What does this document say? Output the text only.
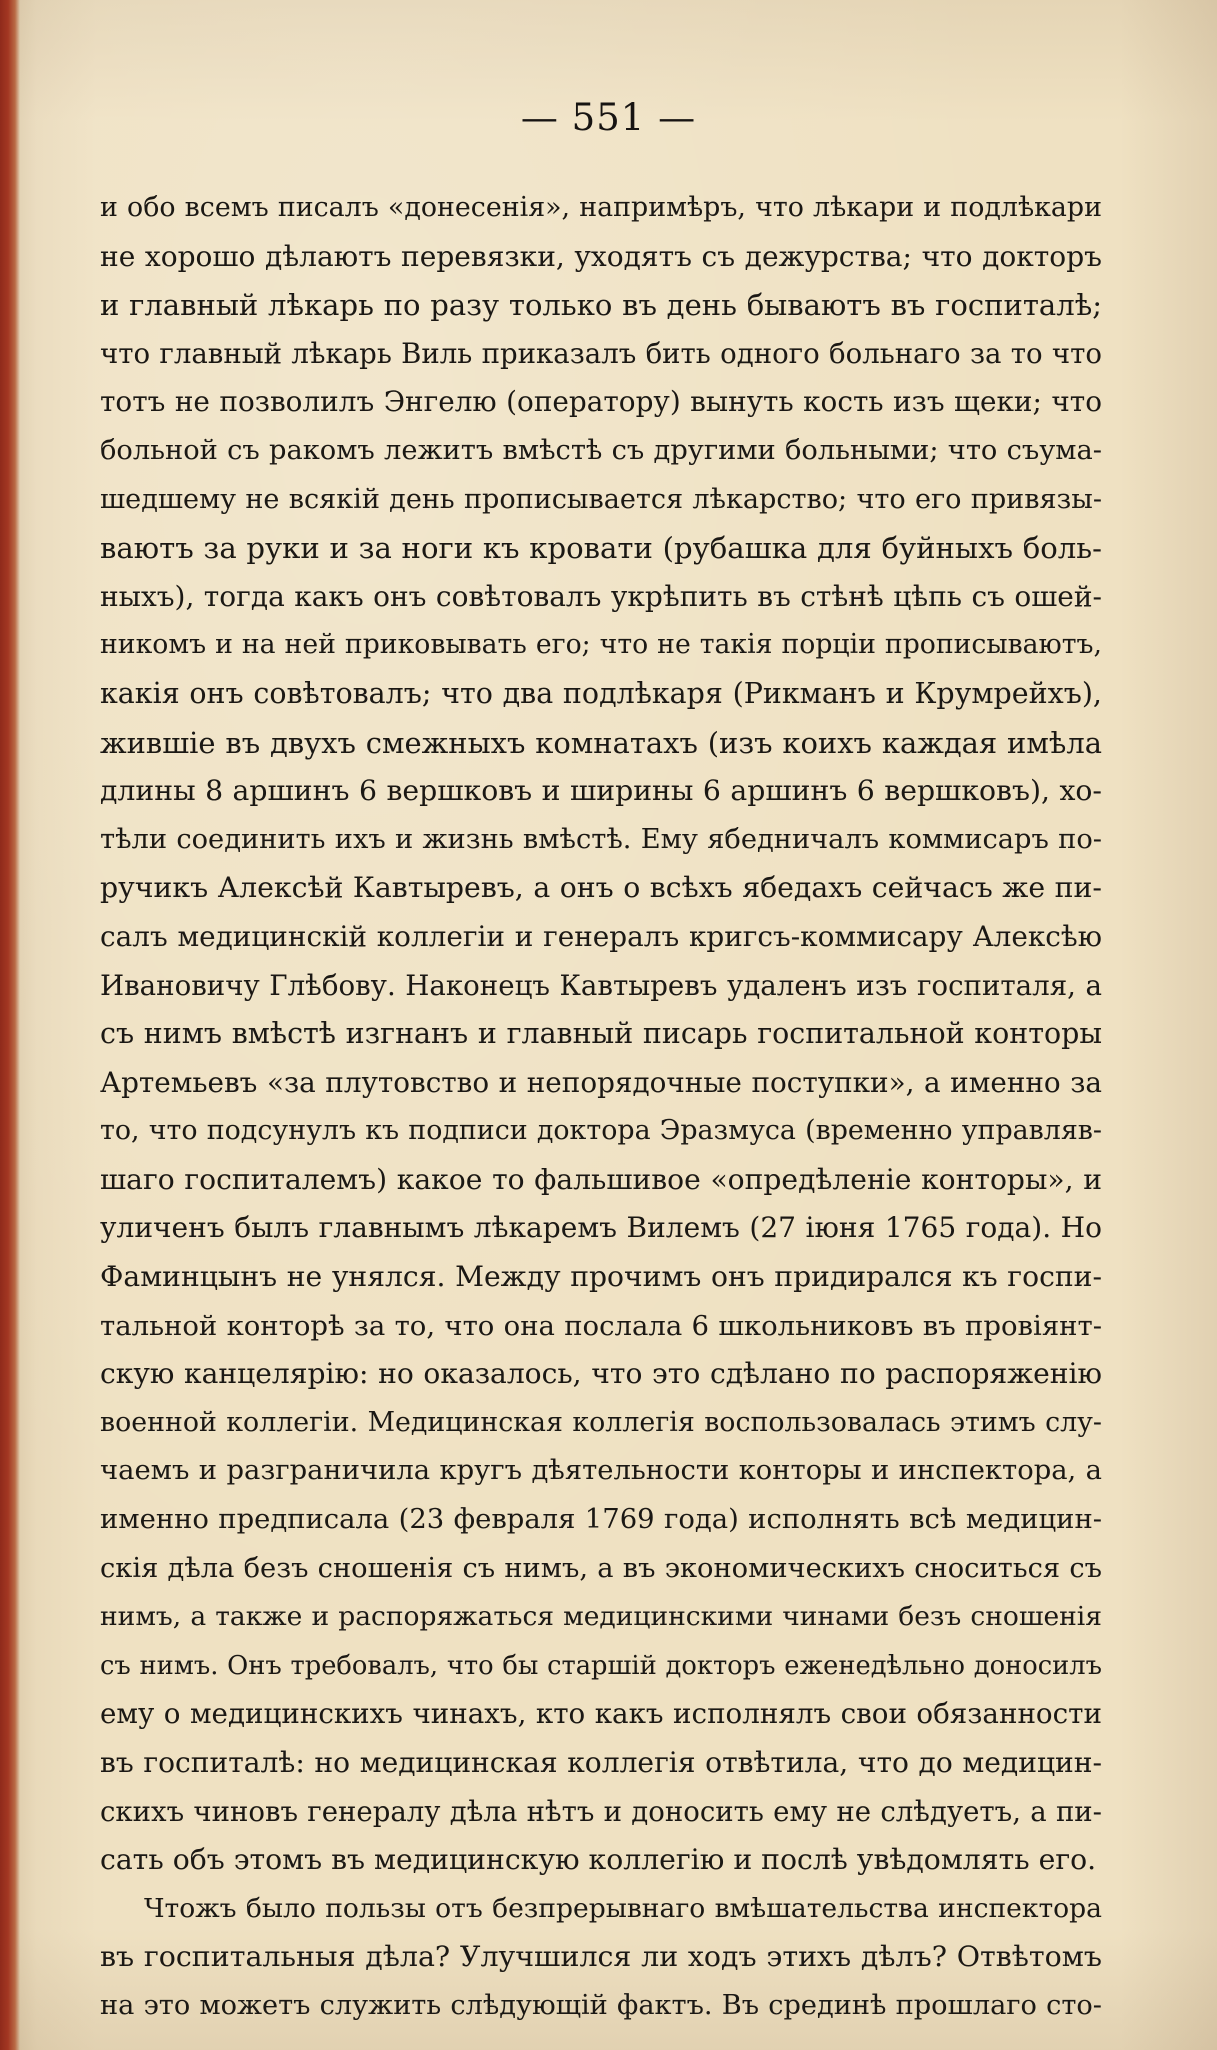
— 551 —
и обо всемъ писалъ «донесенія», напримѣръ, что лѣкари и подлѣкари
не хорошо дѣлаютъ перевязки, уходятъ съ дежурства; что докторъ
и главный лѣкарь по разу только въ день бываютъ въ госпиталѣ;
что главный лѣкарь Виль приказалъ бить одного больнаго за то что
тотъ не позволилъ Энгелю (оператору) вынуть кость изъ щеки; что
больной съ ракомъ лежитъ вмѣстѣ съ другими больными; что съума-
шедшему не всякій день прописывается лѣкарство; что его привязы-
ваютъ за руки и за ноги къ кровати (рубашка для буйныхъ боль-
ныхъ), тогда какъ онъ совѣтовалъ укрѣпить въ стѣнѣ цѣпь съ ошей-
никомъ и на ней приковывать его; что не такія порціи прописываютъ,
какія онъ совѣтовалъ; что два подлѣкаря (Рикманъ и Крумрейхъ),
жившіе въ двухъ смежныхъ комнатахъ (изъ коихъ каждая имѣла
длины 8 аршинъ 6 вершковъ и ширины 6 аршинъ 6 вершковъ), хо-
тѣли соединить ихъ и жизнь вмѣстѣ. Ему ябедничалъ коммисаръ по-
ручикъ Алексѣй Кавтыревъ, а онъ о всѣхъ ябедахъ сейчасъ же пи-
салъ медицинскій коллегіи и генералъ кригсъ-коммисару Алексѣю
Ивановичу Глѣбову. Наконецъ Кавтыревъ удаленъ изъ госпиталя, а
съ нимъ вмѣстѣ изгнанъ и главный писарь госпитальной конторы
Артемьевъ «за плутовство и непорядочные поступки», а именно за
то, что подсунулъ къ подписи доктора Эразмуса (временно управляв-
шаго госпиталемъ) какое то фальшивое «опредѣленіе конторы», и
уличенъ былъ главнымъ лѣкаремъ Вилемъ (27 іюня 1765 года). Но
Фаминцынъ не унялся. Между прочимъ онъ придирался къ госпи-
тальной конторѣ за то, что она послала 6 школьниковъ въ провіянт-
скую канцелярію: но оказалось, что это сдѣлано по распоряженію
военной коллегіи. Медицинская коллегія воспользовалась этимъ слу-
чаемъ и разграничила кругъ дѣятельности конторы и инспектора, а
именно предписала (23 февраля 1769 года) исполнять всѣ медицин-
скія дѣла безъ сношенія съ нимъ, а въ экономическихъ сноситься съ
нимъ, а также и распоряжаться медицинскими чинами безъ сношенія
съ нимъ. Онъ требовалъ, что бы старшій докторъ еженедѣльно доносилъ
ему о медицинскихъ чинахъ, кто какъ исполнялъ свои обязанности
въ госпиталѣ: но медицинская коллегія отвѣтила, что до медицин-
скихъ чиновъ генералу дѣла нѣтъ и доносить ему не слѣдуетъ, а пи-
сать объ этомъ въ медицинскую коллегію и послѣ увѣдомлять его.
Чтожъ было пользы отъ безпрерывнаго вмѣшательства инспектора
въ госпитальныя дѣла? Улучшился ли ходъ этихъ дѣлъ? Отвѣтомъ
на это можетъ служить слѣдующій фактъ. Въ срединѣ прошлаго сто-
